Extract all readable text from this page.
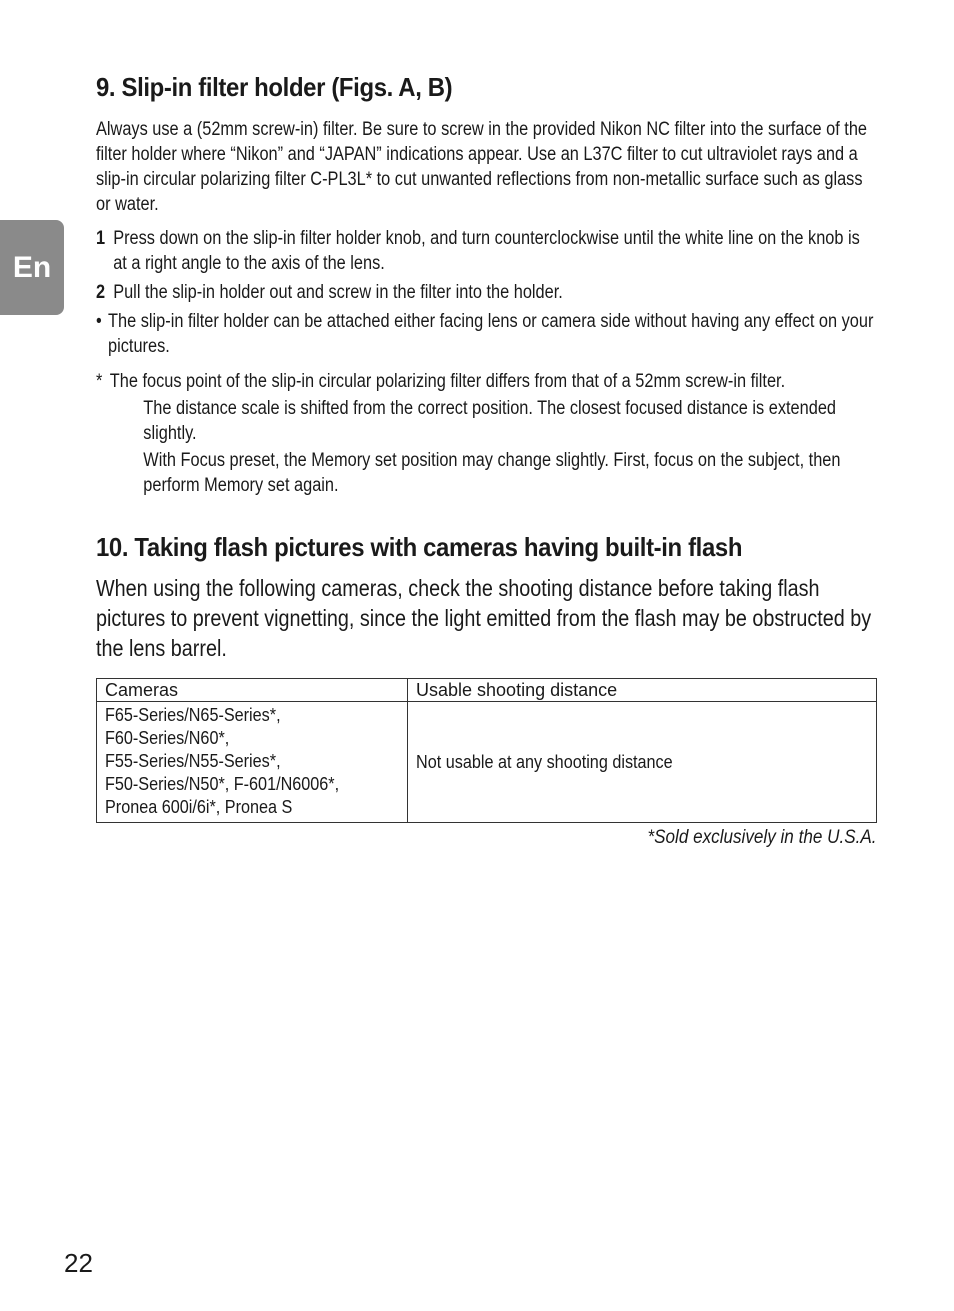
En
9. Slip-in filter holder (Figs. A, B)

Always use a (52mm screw-in) filter. Be sure to screw in the provided Nikon NC filter into the surface of the filter holder where “Nikon” and “JAPAN” indications appear. Use an L37C filter to cut ultraviolet rays and a slip-in circular polarizing filter C-PL3L* to cut unwanted reflections from non-metallic surface such as glass or water.

1 Press down on the slip-in filter holder knob, and turn counterclockwise until the white line on the knob is at a right angle to the axis of the lens.
2 Pull the slip-in holder out and screw in the filter into the holder.
• The slip-in filter holder can be attached either facing lens or camera side without having any effect on your pictures.
* The focus point of the slip-in circular polarizing filter differs from that of a 52mm screw-in filter.
The distance scale is shifted from the correct position. The closest focused distance is extended slightly.
With Focus preset, the Memory set position may change slightly. First, focus on the subject, then perform Memory set again.
10. Taking flash pictures with cameras having built-in flash

When using the following cameras, check the shooting distance before taking flash pictures to prevent vignetting, since the light emitted from the flash may be obstructed by the lens barrel.

Cameras	Usable shooting distance

F65-Series/N65-Series*,
F60-Series/N60*,
F55-Series/N55-Series*,
F50-Series/N50*, F-601/N6006*,
Pronea 600i/6i*, Pronea S	Not usable at any shooting distance
*Sold exclusively in the U.S.A.
22
